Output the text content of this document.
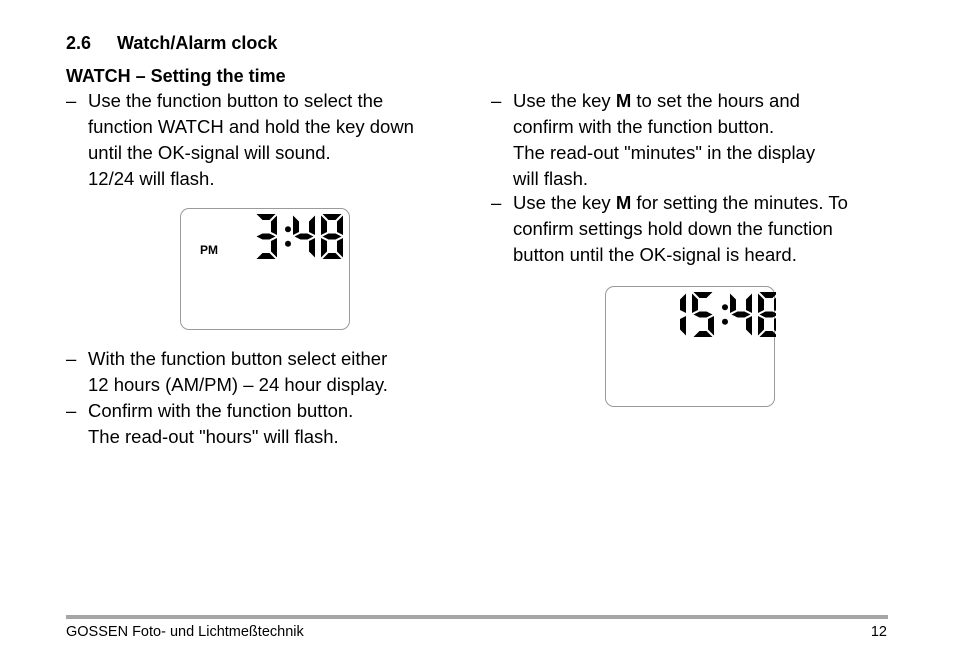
2.6 Watch/Alarm clock
WATCH – Setting the time
– Use the function button to select the
function WATCH and hold the key down
until the OK-signal will sound.
12/24 will flash.
PM
– With the function button select either
12 hours (AM/PM) – 24 hour display.
– Confirm with the function button.
The read-out "hours" will flash.
– Use the key M to set the hours and
confirm with the function button.
The read-out "minutes" in the display
will flash.
– Use the key M for setting the minutes. To
confirm settings hold down the function
button until the OK-signal is heard.
GOSSEN Foto- und Lichtmeßtechnik	12
